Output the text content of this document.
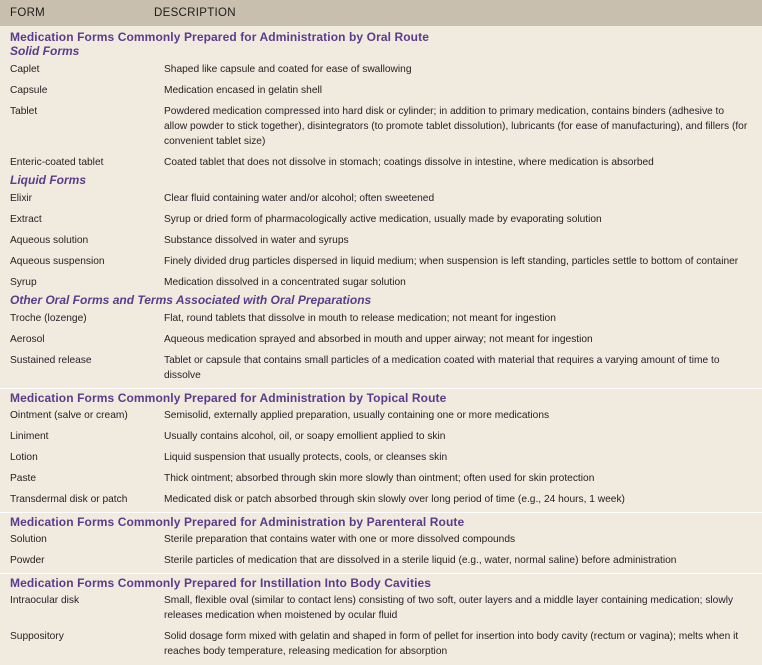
FORM	DESCRIPTION
Medication Forms Commonly Prepared for Administration by Oral Route
Solid Forms
Caplet	Shaped like capsule and coated for ease of swallowing
Capsule	Medication encased in gelatin shell
Tablet	Powdered medication compressed into hard disk or cylinder; in addition to primary medication, contains binders (adhesive to allow powder to stick together), disintegrators (to promote tablet dissolution), lubricants (for ease of manufacturing), and fillers (for convenient tablet size)
Enteric-coated tablet	Coated tablet that does not dissolve in stomach; coatings dissolve in intestine, where medication is absorbed
Liquid Forms
Elixir	Clear fluid containing water and/or alcohol; often sweetened
Extract	Syrup or dried form of pharmacologically active medication, usually made by evaporating solution
Aqueous solution	Substance dissolved in water and syrups
Aqueous suspension	Finely divided drug particles dispersed in liquid medium; when suspension is left standing, particles settle to bottom of container
Syrup	Medication dissolved in a concentrated sugar solution
Other Oral Forms and Terms Associated with Oral Preparations
Troche (lozenge)	Flat, round tablets that dissolve in mouth to release medication; not meant for ingestion
Aerosol	Aqueous medication sprayed and absorbed in mouth and upper airway; not meant for ingestion
Sustained release	Tablet or capsule that contains small particles of a medication coated with material that requires a varying amount of time to dissolve
Medication Forms Commonly Prepared for Administration by Topical Route
Ointment (salve or cream)	Semisolid, externally applied preparation, usually containing one or more medications
Liniment	Usually contains alcohol, oil, or soapy emollient applied to skin
Lotion	Liquid suspension that usually protects, cools, or cleanses skin
Paste	Thick ointment; absorbed through skin more slowly than ointment; often used for skin protection
Transdermal disk or patch	Medicated disk or patch absorbed through skin slowly over long period of time (e.g., 24 hours, 1 week)
Medication Forms Commonly Prepared for Administration by Parenteral Route
Solution	Sterile preparation that contains water with one or more dissolved compounds
Powder	Sterile particles of medication that are dissolved in a sterile liquid (e.g., water, normal saline) before administration
Medication Forms Commonly Prepared for Instillation Into Body Cavities
Intraocular disk	Small, flexible oval (similar to contact lens) consisting of two soft, outer layers and a middle layer containing medication; slowly releases medication when moistened by ocular fluid
Suppository	Solid dosage form mixed with gelatin and shaped in form of pellet for insertion into body cavity (rectum or vagina); melts when it reaches body temperature, releasing medication for absorption
